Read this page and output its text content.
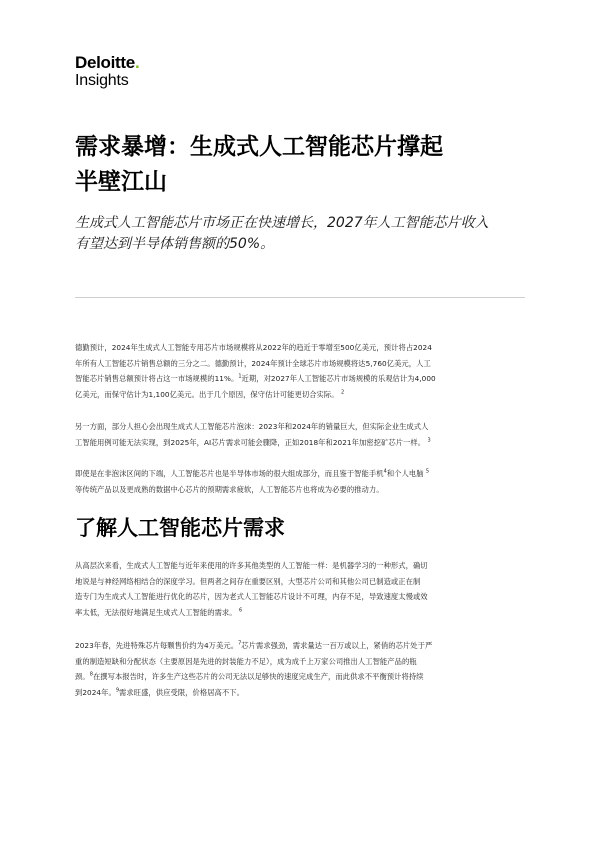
Deloitte.
Insights
需求暴增：生成式人工智能芯片撑起
半壁江山
生成式人工智能芯片市场正在快速增长，2027年人工智能芯片收入
有望达到半导体销售额的50%。
德勤预计，2024年生成式人工智能专用芯片市场规模将从2022年的趋近于零增至500亿美元，预计将占2024
年所有人工智能芯片销售总额的三分之二。德勤预计，2024年预计全球芯片市场规模将达5,760亿美元，人工
智能芯片销售总额预计将占这一市场规模的11%。$^1$近期，对2027年人工智能芯片市场规模的乐观估计为4,000
亿美元，而保守估计为1,100亿美元。出于几个原因，保守估计可能更切合实际。 $^2$
另一方面，部分人担心会出现生成式人工智能芯片泡沫：2023年和2024年的销量巨大，但实际企业生成式人
工智能用例可能无法实现，到2025年，AI芯片需求可能会骤降，正如2018年和2021年加密挖矿芯片一样。 $^3$
即使是在非泡沫区间的下端，人工智能芯片也是半导体市场的很大组成部分，而且鉴于智能手机$^4$和个人电脑 $^5$
等传统产品以及更成熟的数据中心芯片的预期需求疲软，人工智能芯片也将成为必要的推动力。
了解人工智能芯片需求
从高层次来看，生成式人工智能与近年来使用的许多其他类型的人工智能一样：是机器学习的一种形式，确切
地说是与神经网络相结合的深度学习。但两者之间存在重要区别，大型芯片公司和其他公司已制造或正在制
造专门为生成式人工智能进行优化的芯片，因为老式人工智能芯片设计不可理，内存不足，导致速度太慢或效
率太低，无法很好地满足生成式人工智能的需求。 $^6$
2023年春，先进特殊芯片每颗售价约为4万美元。$^7$芯片需求强劲，需求量达一百万或以上，紧俏的芯片处于严
重的制造短缺和分配状态（主要原因是先进的封装能力不足），成为成千上万家公司推出人工智能产品的瓶
颈。$^8$在撰写本报告时，许多生产这些芯片的公司无法以足够快的速度完成生产，而此供求不平衡预计将持续
到2024年。$^9$需求旺盛，供应受限，价格居高不下。
